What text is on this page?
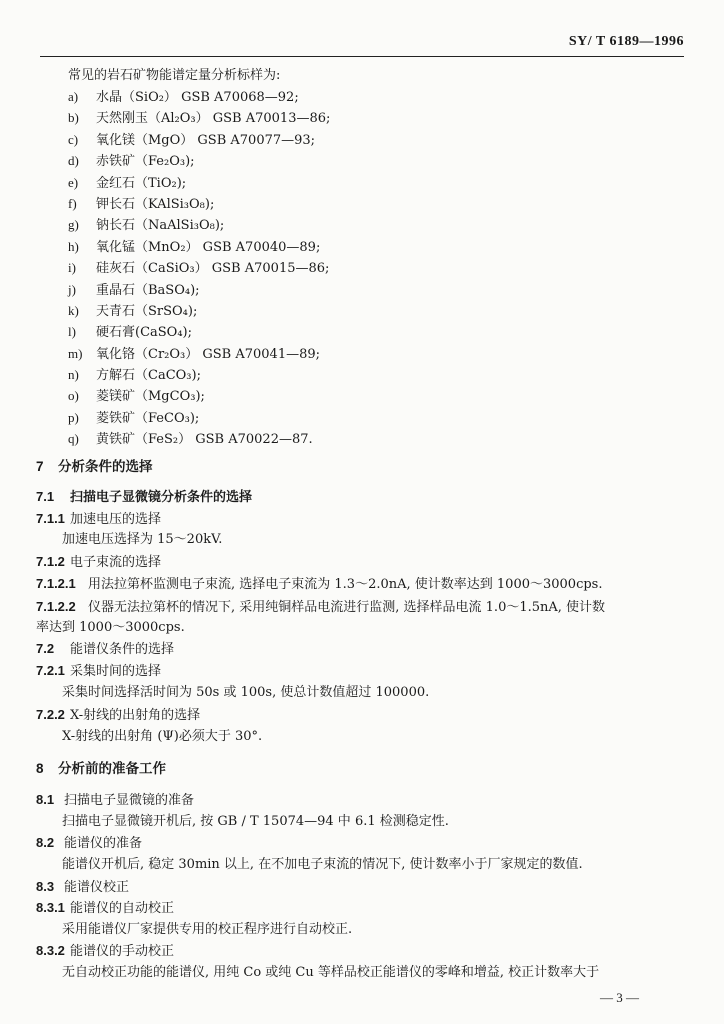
SY/ T 6189—1996
常见的岩石矿物能谱定量分析标样为:
a) 水晶（SiO₂） GSB A70068—92;
b) 天然刚玉（Al₂O₃） GSB A70013—86;
c) 氧化镁（MgO） GSB A70077—93;
d) 赤铁矿（Fe₂O₃);
e) 金红石（TiO₂);
f) 钾长石（KAlSi₃O₈);
g) 钠长石（NaAlSi₃O₈);
h) 氧化锰（MnO₂） GSB A70040—89;
i) 硅灰石（CaSiO₃） GSB A70015—86;
j) 重晶石（BaSO₄);
k) 天青石（SrSO₄);
l) 硬石膏(CaSO₄);
m) 氧化铬（Cr₂O₃） GSB A70041—89;
n) 方解石（CaCO₃);
o) 菱镁矿（MgCO₃);
p) 菱铁矿（FeCO₃);
q) 黄铁矿（FeS₂） GSB A70022—87.
7 分析条件的选择
7.1 扫描电子显微镜分析条件的选择
7.1.1 加速电压的选择
加速电压选择为 15～20kV.
7.1.2 电子束流的选择
7.1.2.1 用法拉第杯监测电子束流, 选择电子束流为 1.3～2.0nA, 使计数率达到 1000～3000cps.
7.1.2.2 仪器无法拉第杯的情况下, 采用纯铜样品电流进行监测, 选择样品电流 1.0～1.5nA, 使计数
率达到 1000～3000cps.
7.2 能谱仪条件的选择
7.2.1 采集时间的选择
采集时间选择活时间为 50s 或 100s, 使总计数值超过 100000.
7.2.2 X-射线的出射角的选择
X-射线的出射角 (Ψ)必须大于 30°.
8 分析前的准备工作
8.1 扫描电子显微镜的准备
扫描电子显微镜开机后, 按 GB / T 15074—94 中 6.1 检测稳定性.
8.2 能谱仪的准备
能谱仪开机后, 稳定 30min 以上, 在不加电子束流的情况下, 使计数率小于厂家规定的数值.
8.3 能谱仪校正
8.3.1 能谱仪的自动校正
采用能谱仪厂家提供专用的校正程序进行自动校正.
8.3.2 能谱仪的手动校正
无自动校正功能的能谱仪, 用纯 Co 或纯 Cu 等样品校正能谱仪的零峰和增益, 校正计数率大于
— 3 —
